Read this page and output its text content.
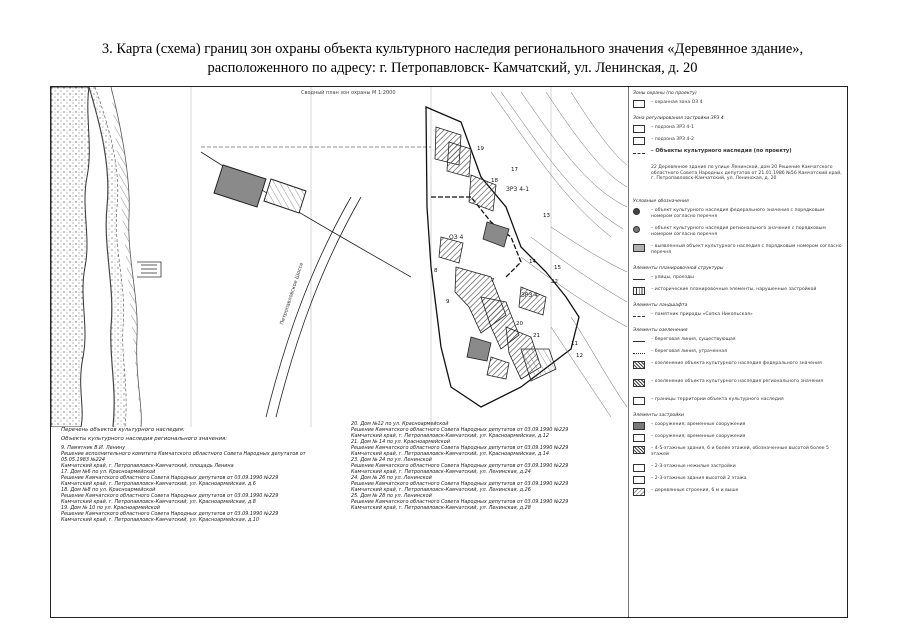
3. Карта (схема) границ зон охраны объекта культурного наследия регионального значения «Деревянное здание»,
расположенного по адресу: г. Петропавловск- Камчатский, ул. Ленинская, д. 20
Сводный план зон охраны М 1:2000
Петропавловское Шоссе
ОЗ 4
ЗРЗ 4-1
ЗРЗ 4
11
12
13
7
8
9
14
15
17
18
19
20
21
22

Перечень объектов культурного наследия:

Объекты культурного наследия регионального значения:

9. Памятник В.И. Ленину

Решение исполнительного комитета Камчатского областного Совета Народных депутатов от 05.05.1983 №224

Камчатский край, г. Петропавловск-Камчатский, площадь Ленина

17. Дом №6 по ул. Красноармейской

Решение Камчатского областного Совета Народных депутатов от 03.09.1990 №229

Камчатский край, г. Петропавловск-Камчатский, ул. Красноармейская, д.6

18. Дом №8 по ул. Красноармейской

Решение Камчатского областного Совета Народных депутатов от 03.09.1990 №229

Камчатский край, г. Петропавловск-Камчатский, ул. Красноармейская, д.8

19. Дом № 10 по ул. Красноармейской

Решение Камчатского областного Совета Народных депутатов от 03.09.1990 №229

Камчатский край, г. Петропавловск-Камчатский, ул. Красноармейская, д.10

20. Дом №12 по ул. Красноармейской

Решение Камчатского областного Совета Народных депутатов от 03.09.1990 №229

Камчатский край, г. Петропавловск-Камчатский, ул. Красноармейская, д.12

21. Дом № 14 по ул. Красноармейской

Решение Камчатского областного Совета Народных депутатов от 03.09.1990 №229

Камчатский край, г. Петропавловск-Камчатский, ул. Красноармейская, д.14

23. Дом № 24 по ул. Ленинской

Решение Камчатского областного Совета Народных депутатов от 03.09.1990 №229

Камчатский край, г. Петропавловск-Камчатский, ул. Ленинская, д.24

24. Дом № 26 по ул. Ленинской

Решение Камчатского областного Совета Народных депутатов от 03.09.1990 №229

Камчатский край, г. Петропавловск-Камчатский, ул. Ленинская, д.26

25. Дом № 28 по ул. Ленинской

Решение Камчатского областного Совета Народных депутатов от 03.09.1990 №229

Камчатский край, г. Петропавловск-Камчатский, ул. Ленинская, д.28

Зоны охраны (по проекту)
– охранная зона ОЗ 4
Зона регулирования застройки ЗРЗ 4
– подзона ЗРЗ 4-1
– подзона ЗРЗ 4-2
– Объекты культурного наследия (по проекту)
22 Деревянное здание по улице Ленинской, дом 20 Решение Камчатского областного Совета Народных депутатов от 21.01.1986 №56 Камчатский край, г. Петропавловск-Камчатский, ул. Ленинская, д. 20
Условные обозначения
– объект культурного наследия федерального значения с порядковым номером согласно перечня
– объект культурного наследия регионального значения с порядковым номером согласно перечня
– выявленный объект культурного наследия с порядковым номером согласно перечня
Элементы планировочной структуры
– улицы, проезды
– исторические планировочные элементы, нарушенные застройкой
Элементы ландшафта
– памятник природы «Сопка Никольская»
Элементы озеленения
– береговая линия, существующая
– береговая линия, утраченная
– озеленение объекта культурного наследия федерального значения
– озеленение объекта культурного наследия регионального значения
– границы территории объекта культурного наследия
Элементы застройки
– сооружения; временные сооружения
– сооружения; временные сооружения
– 4-5-этажные здания, 6 и более этажей, обозначенные высотой более 5 этажей
– 2-3-этажные нежилые застройки
– 2-3-этажные здания высотой 2 этажа
– деревянные строения, 6 м и выше
